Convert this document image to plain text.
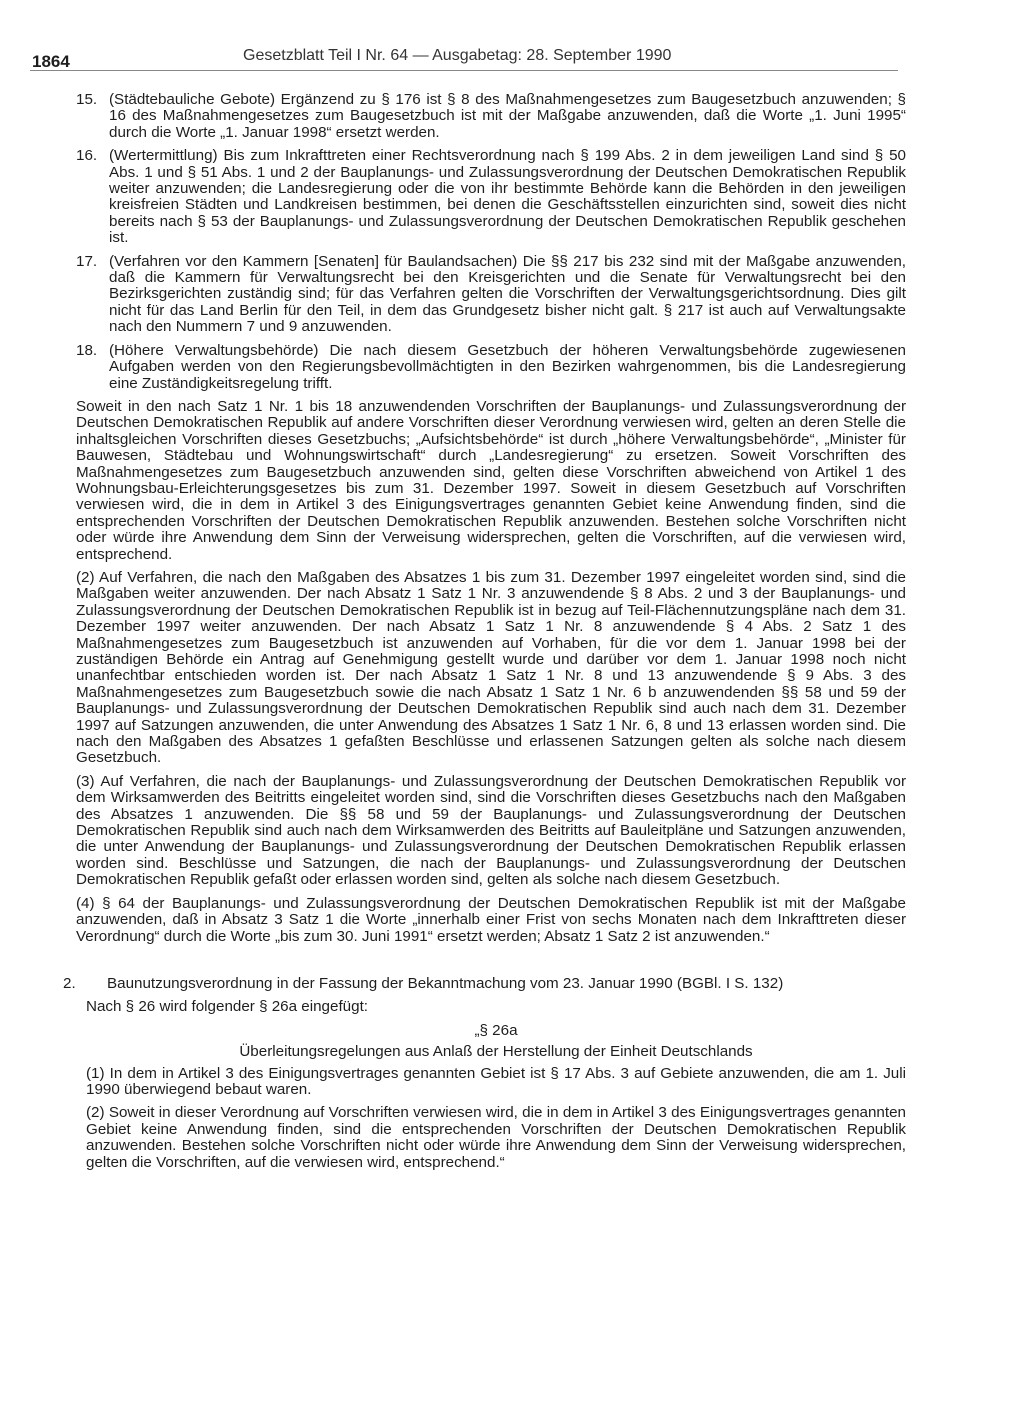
1864	Gesetzblatt Teil I Nr. 64 — Ausgabetag: 28. September 1990
15. (Städtebauliche Gebote) Ergänzend zu § 176 ist § 8 des Maßnahmengesetzes zum Baugesetzbuch anzuwenden; § 16 des Maßnahmengesetzes zum Baugesetzbuch ist mit der Maßgabe anzuwenden, daß die Worte „1. Juni 1995“ durch die Worte „1. Januar 1998“ ersetzt werden.
16. (Wertermittlung) Bis zum Inkrafttreten einer Rechtsverordnung nach § 199 Abs. 2 in dem jeweiligen Land sind § 50 Abs. 1 und § 51 Abs. 1 und 2 der Bauplanungs- und Zulassungsverordnung der Deutschen Demokratischen Republik weiter anzuwenden; die Landesregierung oder die von ihr bestimmte Behörde kann die Behörden in den jeweiligen kreisfreien Städten und Landkreisen bestimmen, bei denen die Geschäftsstellen einzurichten sind, soweit dies nicht bereits nach § 53 der Bauplanungs- und Zulassungsverordnung der Deutschen Demokratischen Republik geschehen ist.
17. (Verfahren vor den Kammern [Senaten] für Baulandsachen) Die §§ 217 bis 232 sind mit der Maßgabe anzuwenden, daß die Kammern für Verwaltungsrecht bei den Kreisgerichten und die Senate für Verwaltungsrecht bei den Bezirksgerichten zuständig sind; für das Verfahren gelten die Vorschriften der Verwaltungsgerichtsordnung. Dies gilt nicht für das Land Berlin für den Teil, in dem das Grundgesetz bisher nicht galt. § 217 ist auch auf Verwaltungsakte nach den Nummern 7 und 9 anzuwenden.
18. (Höhere Verwaltungsbehörde) Die nach diesem Gesetzbuch der höheren Verwaltungsbehörde zugewiesenen Aufgaben werden von den Regierungsbevollmächtigten in den Bezirken wahrgenommen, bis die Landesregierung eine Zuständigkeitsregelung trifft.

Soweit in den nach Satz 1 Nr. 1 bis 18 anzuwendenden Vorschriften der Bauplanungs- und Zulassungsverordnung der Deutschen Demokratischen Republik auf andere Vorschriften dieser Verordnung verwiesen wird, gelten an deren Stelle die inhaltsgleichen Vorschriften dieses Gesetzbuchs; „Aufsichtsbehörde“ ist durch „höhere Verwaltungsbehörde“, „Minister für Bauwesen, Städtebau und Wohnungswirtschaft“ durch „Landesregierung“ zu ersetzen. Soweit Vorschriften des Maßnahmengesetzes zum Baugesetzbuch anzuwenden sind, gelten diese Vorschriften abweichend von Artikel 1 des Wohnungsbau-Erleichterungsgesetzes bis zum 31. Dezember 1997. Soweit in diesem Gesetzbuch auf Vorschriften verwiesen wird, die in dem in Artikel 3 des Einigungsvertrages genannten Gebiet keine Anwendung finden, sind die entsprechenden Vorschriften der Deutschen Demokratischen Republik anzuwenden. Bestehen solche Vorschriften nicht oder würde ihre Anwendung dem Sinn der Verweisung widersprechen, gelten die Vorschriften, auf die verwiesen wird, entsprechend.

(2) Auf Verfahren, die nach den Maßgaben des Absatzes 1 bis zum 31. Dezember 1997 eingeleitet worden sind, sind die Maßgaben weiter anzuwenden. Der nach Absatz 1 Satz 1 Nr. 3 anzuwendende § 8 Abs. 2 und 3 der Bauplanungs- und Zulassungsverordnung der Deutschen Demokratischen Republik ist in bezug auf Teil-Flächennutzungspläne nach dem 31. Dezember 1997 weiter anzuwenden. Der nach Absatz 1 Satz 1 Nr. 8 anzuwendende § 4 Abs. 2 Satz 1 des Maßnahmengesetzes zum Baugesetzbuch ist anzuwenden auf Vorhaben, für die vor dem 1. Januar 1998 bei der zuständigen Behörde ein Antrag auf Genehmigung gestellt wurde und darüber vor dem 1. Januar 1998 noch nicht unanfechtbar entschieden worden ist. Der nach Absatz 1 Satz 1 Nr. 8 und 13 anzuwendende § 9 Abs. 3 des Maßnahmengesetzes zum Baugesetzbuch sowie die nach Absatz 1 Satz 1 Nr. 6 b anzuwendenden §§ 58 und 59 der Bauplanungs- und Zulassungsverordnung der Deutschen Demokratischen Republik sind auch nach dem 31. Dezember 1997 auf Satzungen anzuwenden, die unter Anwendung des Absatzes 1 Satz 1 Nr. 6, 8 und 13 erlassen worden sind. Die nach den Maßgaben des Absatzes 1 gefaßten Beschlüsse und erlassenen Satzungen gelten als solche nach diesem Gesetzbuch.

(3) Auf Verfahren, die nach der Bauplanungs- und Zulassungsverordnung der Deutschen Demokratischen Republik vor dem Wirksamwerden des Beitritts eingeleitet worden sind, sind die Vorschriften dieses Gesetzbuchs nach den Maßgaben des Absatzes 1 anzuwenden. Die §§ 58 und 59 der Bauplanungs- und Zulassungsverordnung der Deutschen Demokratischen Republik sind auch nach dem Wirksamwerden des Beitritts auf Bauleitpläne und Satzungen anzuwenden, die unter Anwendung der Bauplanungs- und Zulassungsverordnung der Deutschen Demokratischen Republik erlassen worden sind. Beschlüsse und Satzungen, die nach der Bauplanungs- und Zulassungsverordnung der Deutschen Demokratischen Republik gefaßt oder erlassen worden sind, gelten als solche nach diesem Gesetzbuch.

(4) § 64 der Bauplanungs- und Zulassungsverordnung der Deutschen Demokratischen Republik ist mit der Maßgabe anzuwenden, daß in Absatz 3 Satz 1 die Worte „innerhalb einer Frist von sechs Monaten nach dem Inkrafttreten dieser Verordnung“ durch die Worte „bis zum 30. Juni 1991“ ersetzt werden; Absatz 1 Satz 2 ist anzuwenden.“

2. Baunutzungsverordnung in der Fassung der Bekanntmachung vom 23. Januar 1990 (BGBl. I S. 132)

Nach § 26 wird folgender § 26a eingefügt:

„§ 26a
Überleitungsregelungen aus Anlaß der Herstellung der Einheit Deutschlands

(1) In dem in Artikel 3 des Einigungsvertrages genannten Gebiet ist § 17 Abs. 3 auf Gebiete anzuwenden, die am 1. Juli 1990 überwiegend bebaut waren.

(2) Soweit in dieser Verordnung auf Vorschriften verwiesen wird, die in dem in Artikel 3 des Einigungsvertrages genannten Gebiet keine Anwendung finden, sind die entsprechenden Vorschriften der Deutschen Demokratischen Republik anzuwenden. Bestehen solche Vorschriften nicht oder würde ihre Anwendung dem Sinn der Verweisung widersprechen, gelten die Vorschriften, auf die verwiesen wird, entsprechend.“
